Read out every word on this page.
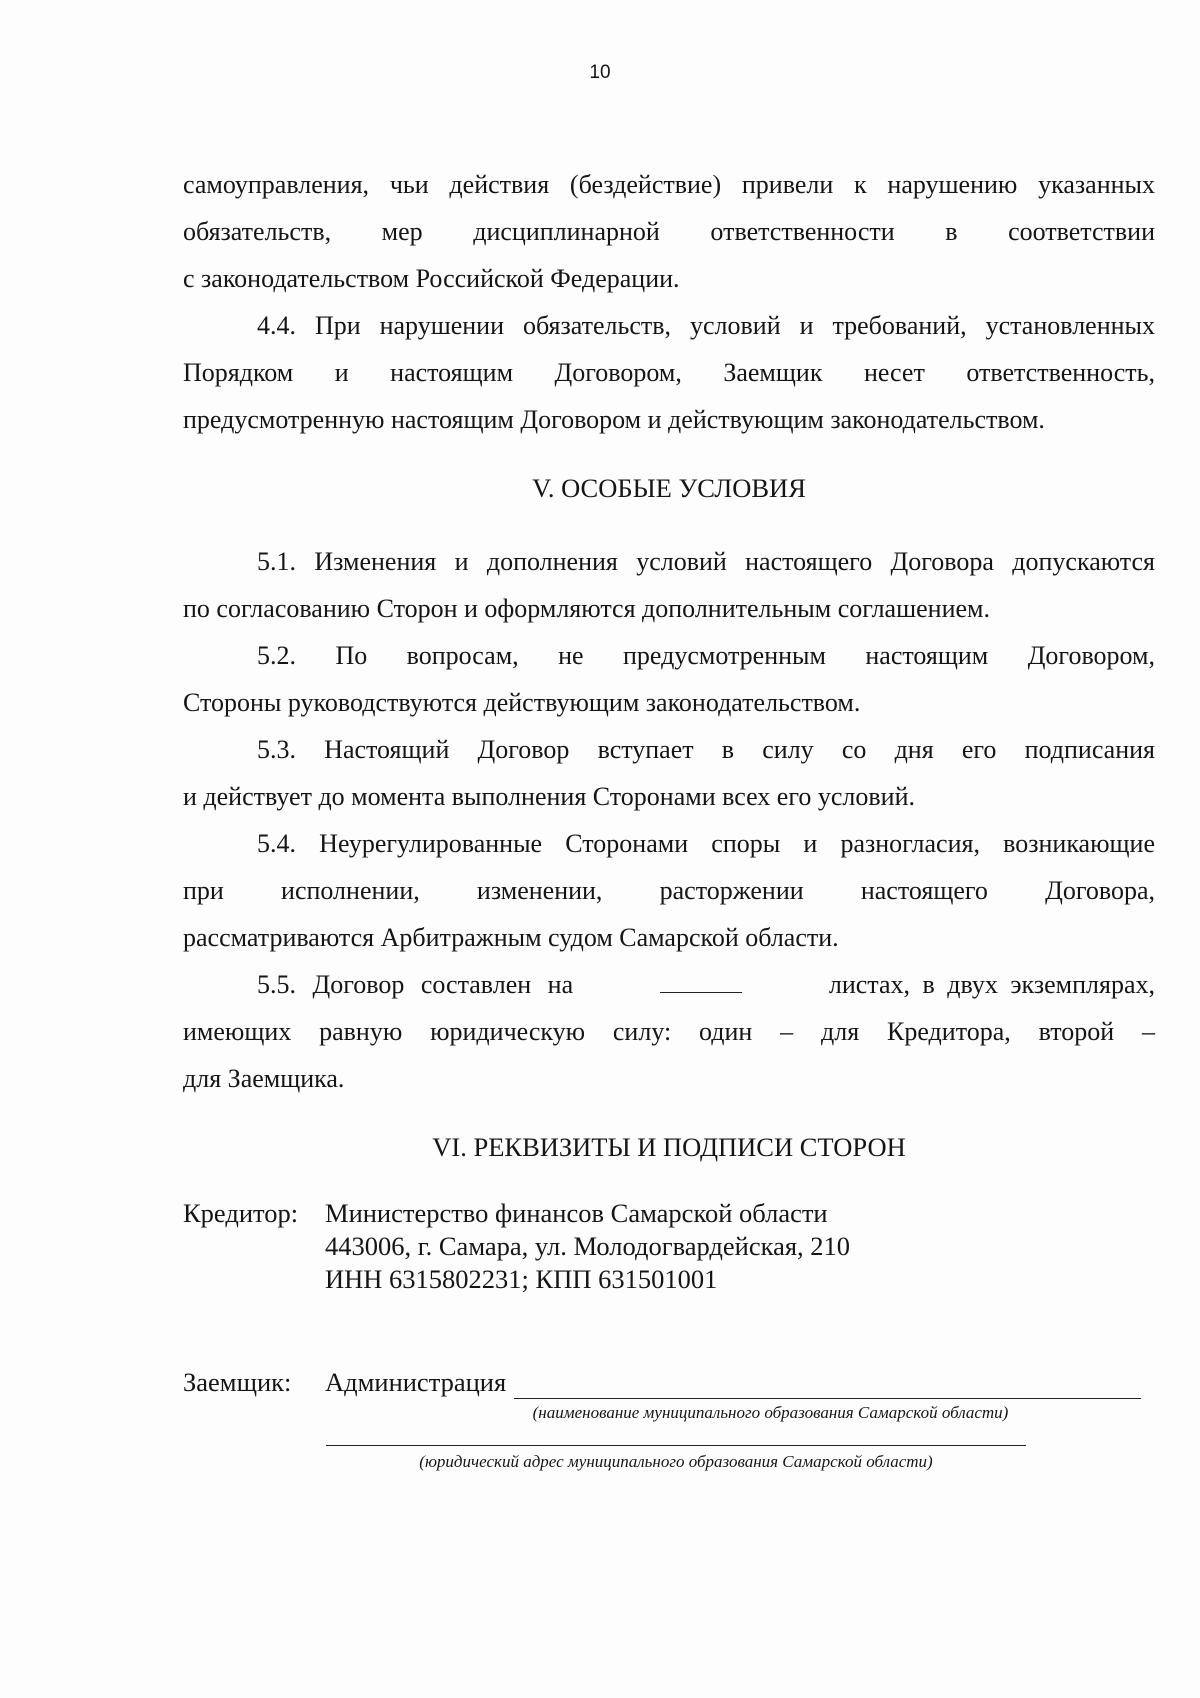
10

самоуправления, чьи действия (бездействие) привели к нарушению указанных
обязательств, мер дисциплинарной ответственности в соответствии
с законодательством Российской Федерации.

4.4. При нарушении обязательств, условий и требований, установленных
Порядком и настоящим Договором, Заемщик несет ответственность,
предусмотренную настоящим Договором и действующим законодательством.

V. ОСОБЫЕ УСЛОВИЯ

5.1. Изменения и дополнения условий настоящего Договора допускаются
по согласованию Сторон и оформляются дополнительным соглашением.

5.2. По вопросам, не предусмотренным настоящим Договором,
Стороны руководствуются действующим законодательством.

5.3. Настоящий Договор вступает в силу со дня его подписания
и действует до момента выполнения Сторонами всех его условий.

5.4. Неурегулированные Сторонами споры и разногласия, возникающие
при исполнении, изменении, расторжении настоящего Договора,
рассматриваются Арбитражным судом Самарской области.

5.5. Договор составлен на	листах, в двух экземплярах,
имеющих равную юридическую силу: один – для Кредитора, второй –
для Заемщика.

VI. РЕКВИЗИТЫ И ПОДПИСИ СТОРОН

Кредитор:	Министерство финансов Самарской области
443006, г. Самара, ул. Молодогвардейская, 210
ИНН 6315802231; КПП 631501001
Заемщик:	Администрация
(наименование муниципального образования Самарской области)
(юридический адрес муниципального образования Самарской области)
